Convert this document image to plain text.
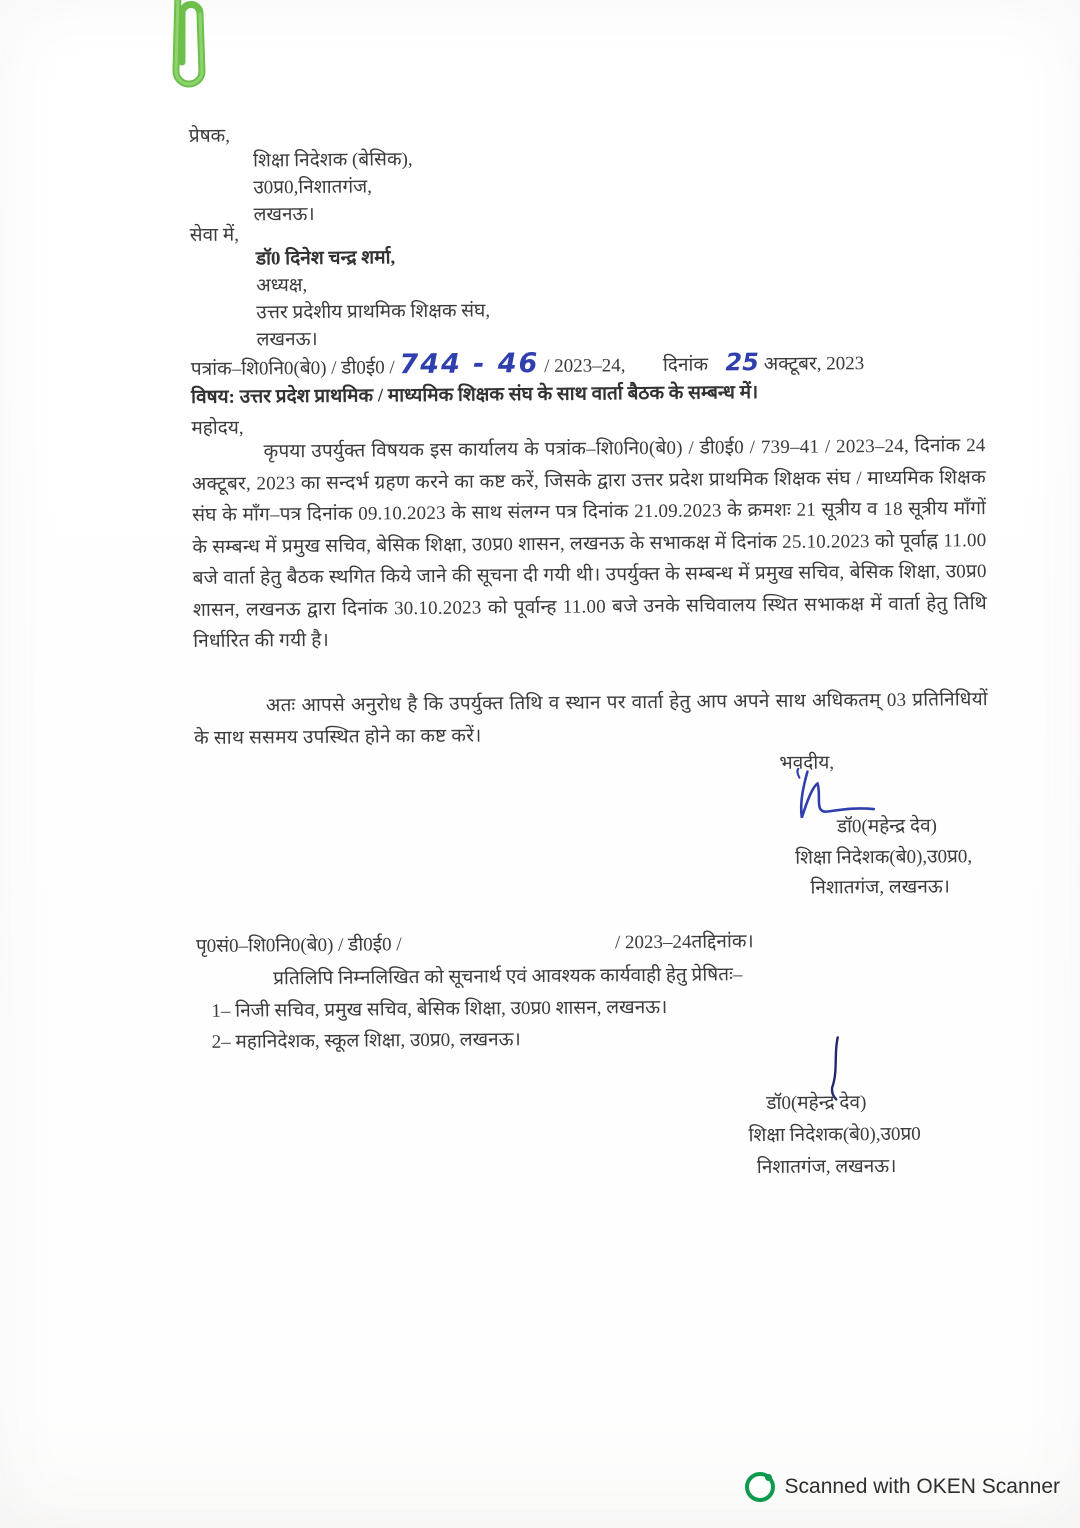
प्रेषक,
शिक्षा निदेशक (बेसिक),
उ0प्र0,निशातगंज,
लखनऊ।
सेवा में,
डॉ0 दिनेश चन्द्र शर्मा,
अध्यक्ष,
उत्तर प्रदेशीय प्राथमिक शिक्षक संघ,
लखनऊ।
पत्रांक–शि0नि0(बे0) / डी0ई0 / 744 - 46 / 2023–24, दिनांक 25 अक्टूबर, 2023
विषय: उत्तर प्रदेश प्राथमिक / माध्यमिक शिक्षक संघ के साथ वार्ता बैठक के सम्बन्ध में।
महोदय,
कृपया उपर्युक्त विषयक इस कार्यालय के पत्रांक–शि0नि0(बे0) / डी0ई0 / 739–41 / 2023–24, दिनांक 24 अक्टूबर, 2023 का सन्दर्भ ग्रहण करने का कष्ट करें, जिसके द्वारा उत्तर प्रदेश प्राथमिक शिक्षक संघ / माध्यमिक शिक्षक संघ के माँग–पत्र दिनांक 09.10.2023 के साथ संलग्न पत्र दिनांक 21.09.2023 के क्रमशः 21 सूत्रीय व 18 सूत्रीय माँगों के सम्बन्ध में प्रमुख सचिव, बेसिक शिक्षा, उ0प्र0 शासन, लखनऊ के सभाकक्ष में दिनांक 25.10.2023 को पूर्वाह्न 11.00 बजे वार्ता हेतु बैठक स्थगित किये जाने की सूचना दी गयी थी। उपर्युक्त के सम्बन्ध में प्रमुख सचिव, बेसिक शिक्षा, उ0प्र0 शासन, लखनऊ द्वारा दिनांक 30.10.2023 को पूर्वान्ह 11.00 बजे उनके सचिवालय स्थित सभाकक्ष में वार्ता हेतु तिथि निर्धारित की गयी है।
अतः आपसे अनुरोध है कि उपर्युक्त तिथि व स्थान पर वार्ता हेतु आप अपने साथ अधिकतम् 03 प्रतिनिधियों के साथ ससमय उपस्थित होने का कष्ट करें।
भवदीय,
डॉ0(महेन्द्र देव)
शिक्षा निदेशक(बे0),उ0प्र0,
निशातगंज, लखनऊ।
पृ0सं0–शि0नि0(बे0) / डी0ई0 /	/ 2023–24तद्दिनांक।
प्रतिलिपि निम्नलिखित को सूचनार्थ एवं आवश्यक कार्यवाही हेतु प्रेषितः–
1– निजी सचिव, प्रमुख सचिव, बेसिक शिक्षा, उ0प्र0 शासन, लखनऊ।
2– महानिदेशक, स्कूल शिक्षा, उ0प्र0, लखनऊ।
डॉ0(महेन्द्र देव)
शिक्षा निदेशक(बे0),उ0प्र0
निशातगंज, लखनऊ।
Scanned with OKEN Scanner
